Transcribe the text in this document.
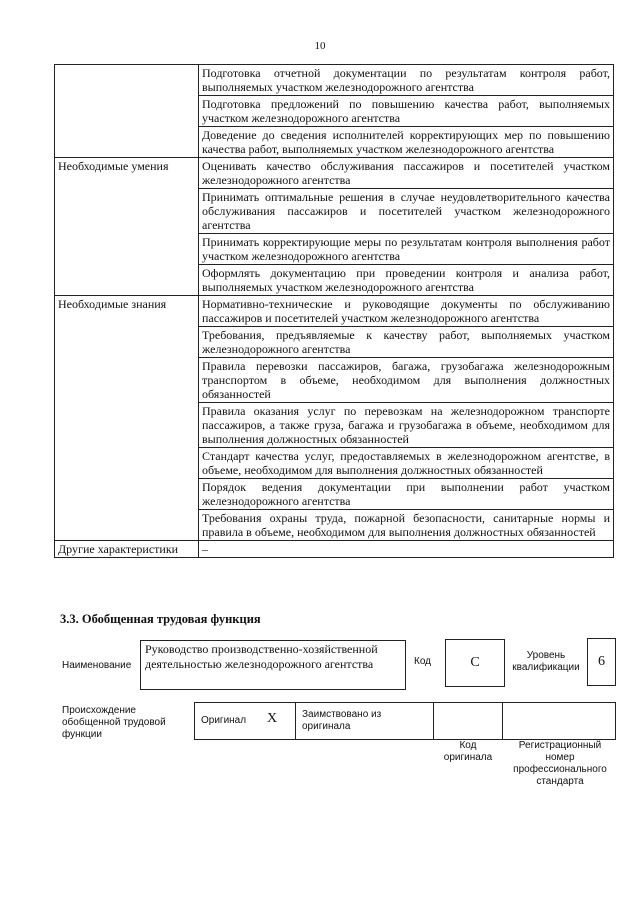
10
	Подготовка отчетной документации по результатам контроля работ, выполняемых участком железнодорожного агентства
	Подготовка предложений по повышению качества работ, выполняемых участком железнодорожного агентства
	Доведение до сведения исполнителей корректирующих мер по повышению качества работ, выполняемых участком железнодорожного агентства
Необходимые умения	Оценивать качество обслуживания пассажиров и посетителей участком железнодорожного агентства
	Принимать оптимальные решения в случае неудовлетворительного качества обслуживания пассажиров и посетителей участком железнодорожного агентства
	Принимать корректирующие меры по результатам контроля выполнения работ участком железнодорожного агентства
	Оформлять документацию при проведении контроля и анализа работ, выполняемых участком железнодорожного агентства
Необходимые знания	Нормативно-технические и руководящие документы по обслуживанию пассажиров и посетителей участком железнодорожного агентства
	Требования, предъявляемые к качеству работ, выполняемых участком железнодорожного агентства
	Правила перевозки пассажиров, багажа, грузобагажа железнодорожным транспортом в объеме, необходимом для выполнения должностных обязанностей
	Правила оказания услуг по перевозкам на железнодорожном транспорте пассажиров, а также груза, багажа и грузобагажа в объеме, необходимом для выполнения должностных обязанностей
	Стандарт качества услуг, предоставляемых в железнодорожном агентстве, в объеме, необходимом для выполнения должностных обязанностей
	Порядок ведения документации при выполнении работ участком железнодорожного агентства
	Требования охраны труда, пожарной безопасности, санитарные нормы и правила в объеме, необходимом для выполнения должностных обязанностей
Другие характеристики	–
3.3. Обобщенная трудовая функция
Наименование
Руководство производственно-хозяйственной деятельностью железнодорожного агентства	Код	C	Уровень квалификации	6
Происхождение обобщенной трудовой функции
Оригинал X Заимствовано из оригинала
Код оригинала
Регистрационный номер профессионального стандарта
